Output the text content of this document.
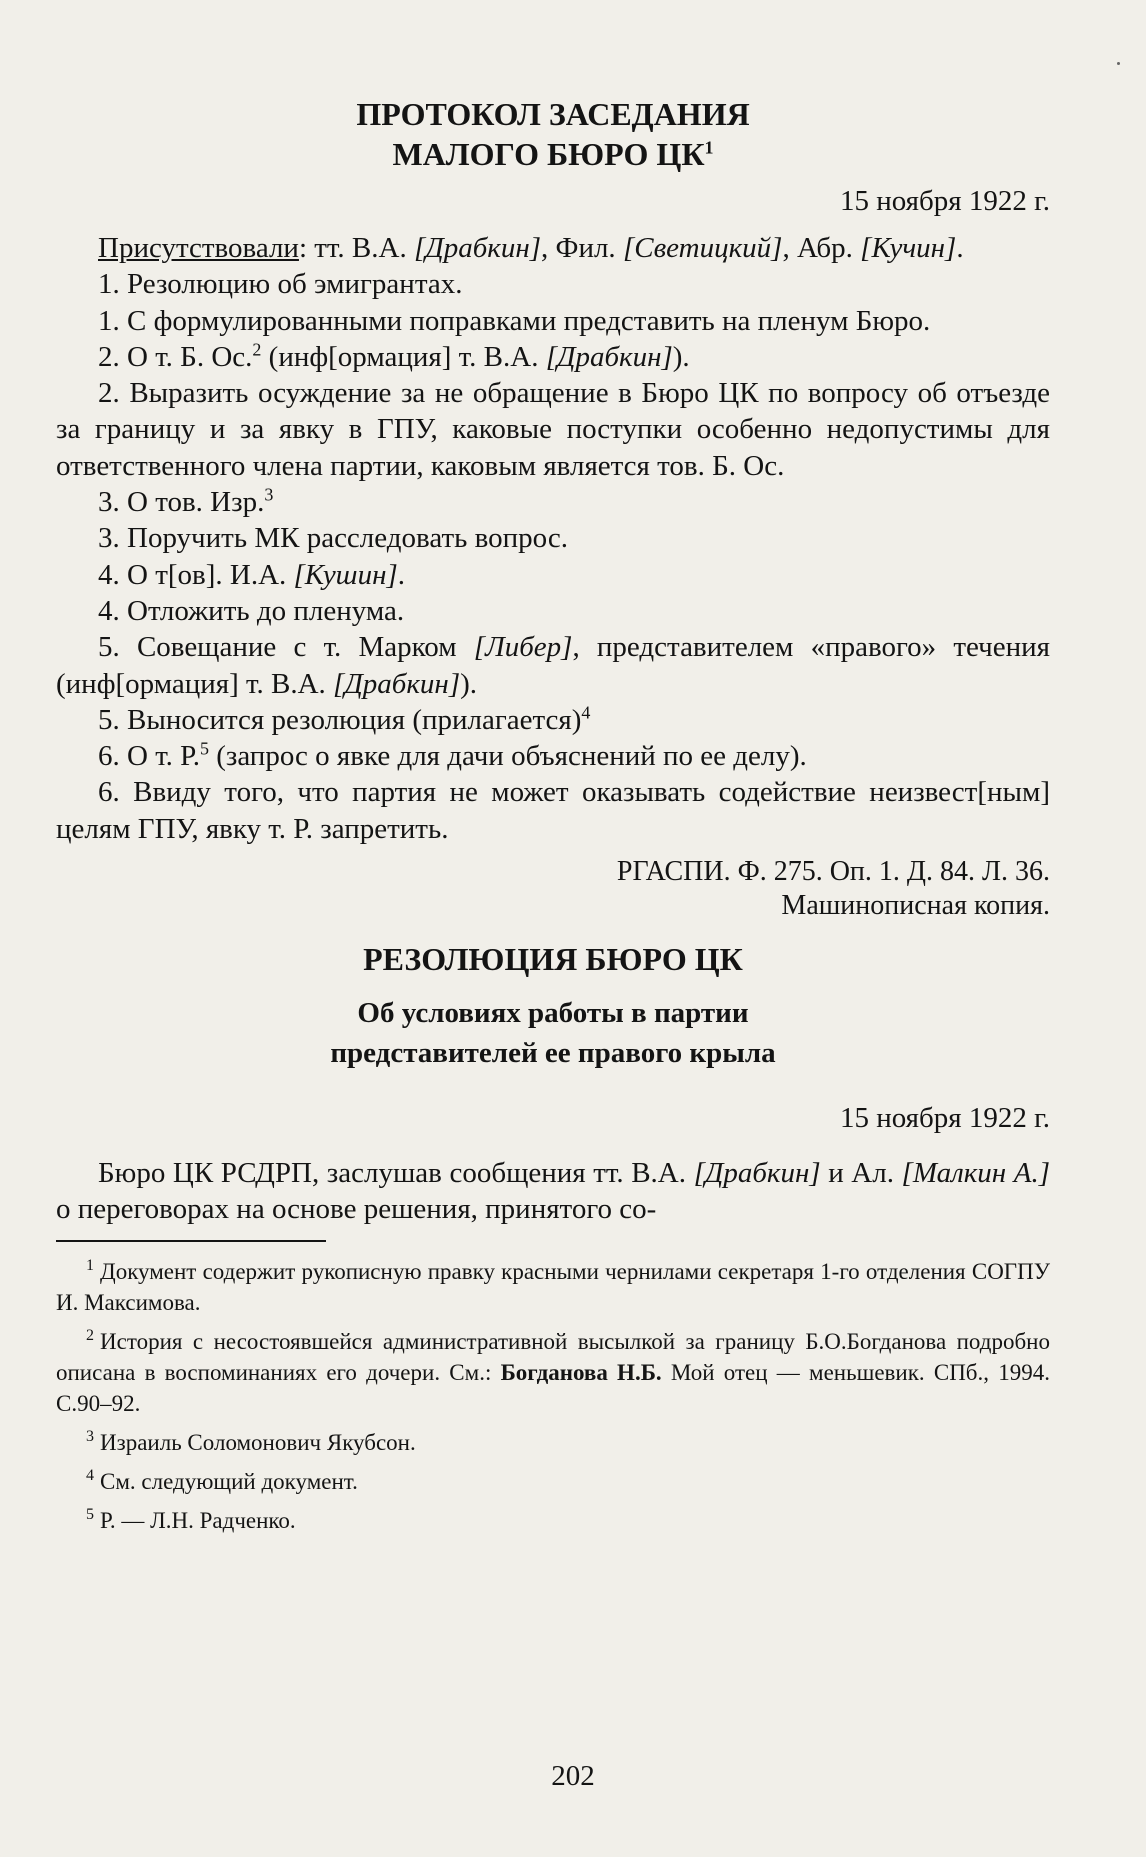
ПРОТОКОЛ ЗАСЕДАНИЯ
МАЛОГО БЮРО $ЦК^1$
15 ноября 1922 г.

Присутствовали: тт. В.А. [Драбкин], Фил. [Светицкий], Абр. [Кучин].

1. Резолюцию об эмигрантах.

1. С формулированными поправками представить на пленум Бюро.

2. О т. Б. Ос.$^2$ (инф[ормация] т. В.А. [Драбкин]).

2. Выразить осуждение за не обращение в Бюро ЦК по вопросу об отъезде за границу и за явку в ГПУ, каковые поступки особенно недопустимы для ответственного члена партии, каковым является тов. Б. Ос.

3. О тов. Изр.$^3$

3. Поручить МК расследовать вопрос.

4. О т[ов]. И.А. [Кушин].

4. Отложить до пленума.

5. Совещание с т. Марком [Либер], представителем «правого» течения (инф[ормация] т. В.А. [Драбкин]).

5. Выносится резолюция (прилагается)$^4$

6. О т. Р.$^5$ (запрос о явке для дачи объяснений по ее делу).

6. Ввиду того, что партия не может оказывать содействие неизвест[ным] целям ГПУ, явку т. Р. запретить.

РГАСПИ. Ф. 275. Оп. 1. Д. 84. Л. 36.

Машинописная копия.

РЕЗОЛЮЦИЯ БЮРО ЦК
Об условиях работы в партии
представителей ее правого крыла
15 ноября 1922 г.

Бюро ЦК РСДРП, заслушав сообщения тт. В.А. [Драбкин] и Ал. [Малкин А.] о переговорах на основе решения, принятого со-

$^1$ Документ содержит рукописную правку красными чернилами секретаря 1-го отделения СОГПУ И. Максимова.

$^2$ История с несостоявшейся административной высылкой за границу Б.О.Богданова подробно описана в воспоминаниях его дочери. См.: Богданова Н.Б. Мой отец — меньшевик. СПб., 1994. С.90–92.

$^3$ Израиль Соломонович Якубсон.

$^4$ См. следующий документ.

$^5$ Р. — Л.Н. Радченко.

202
